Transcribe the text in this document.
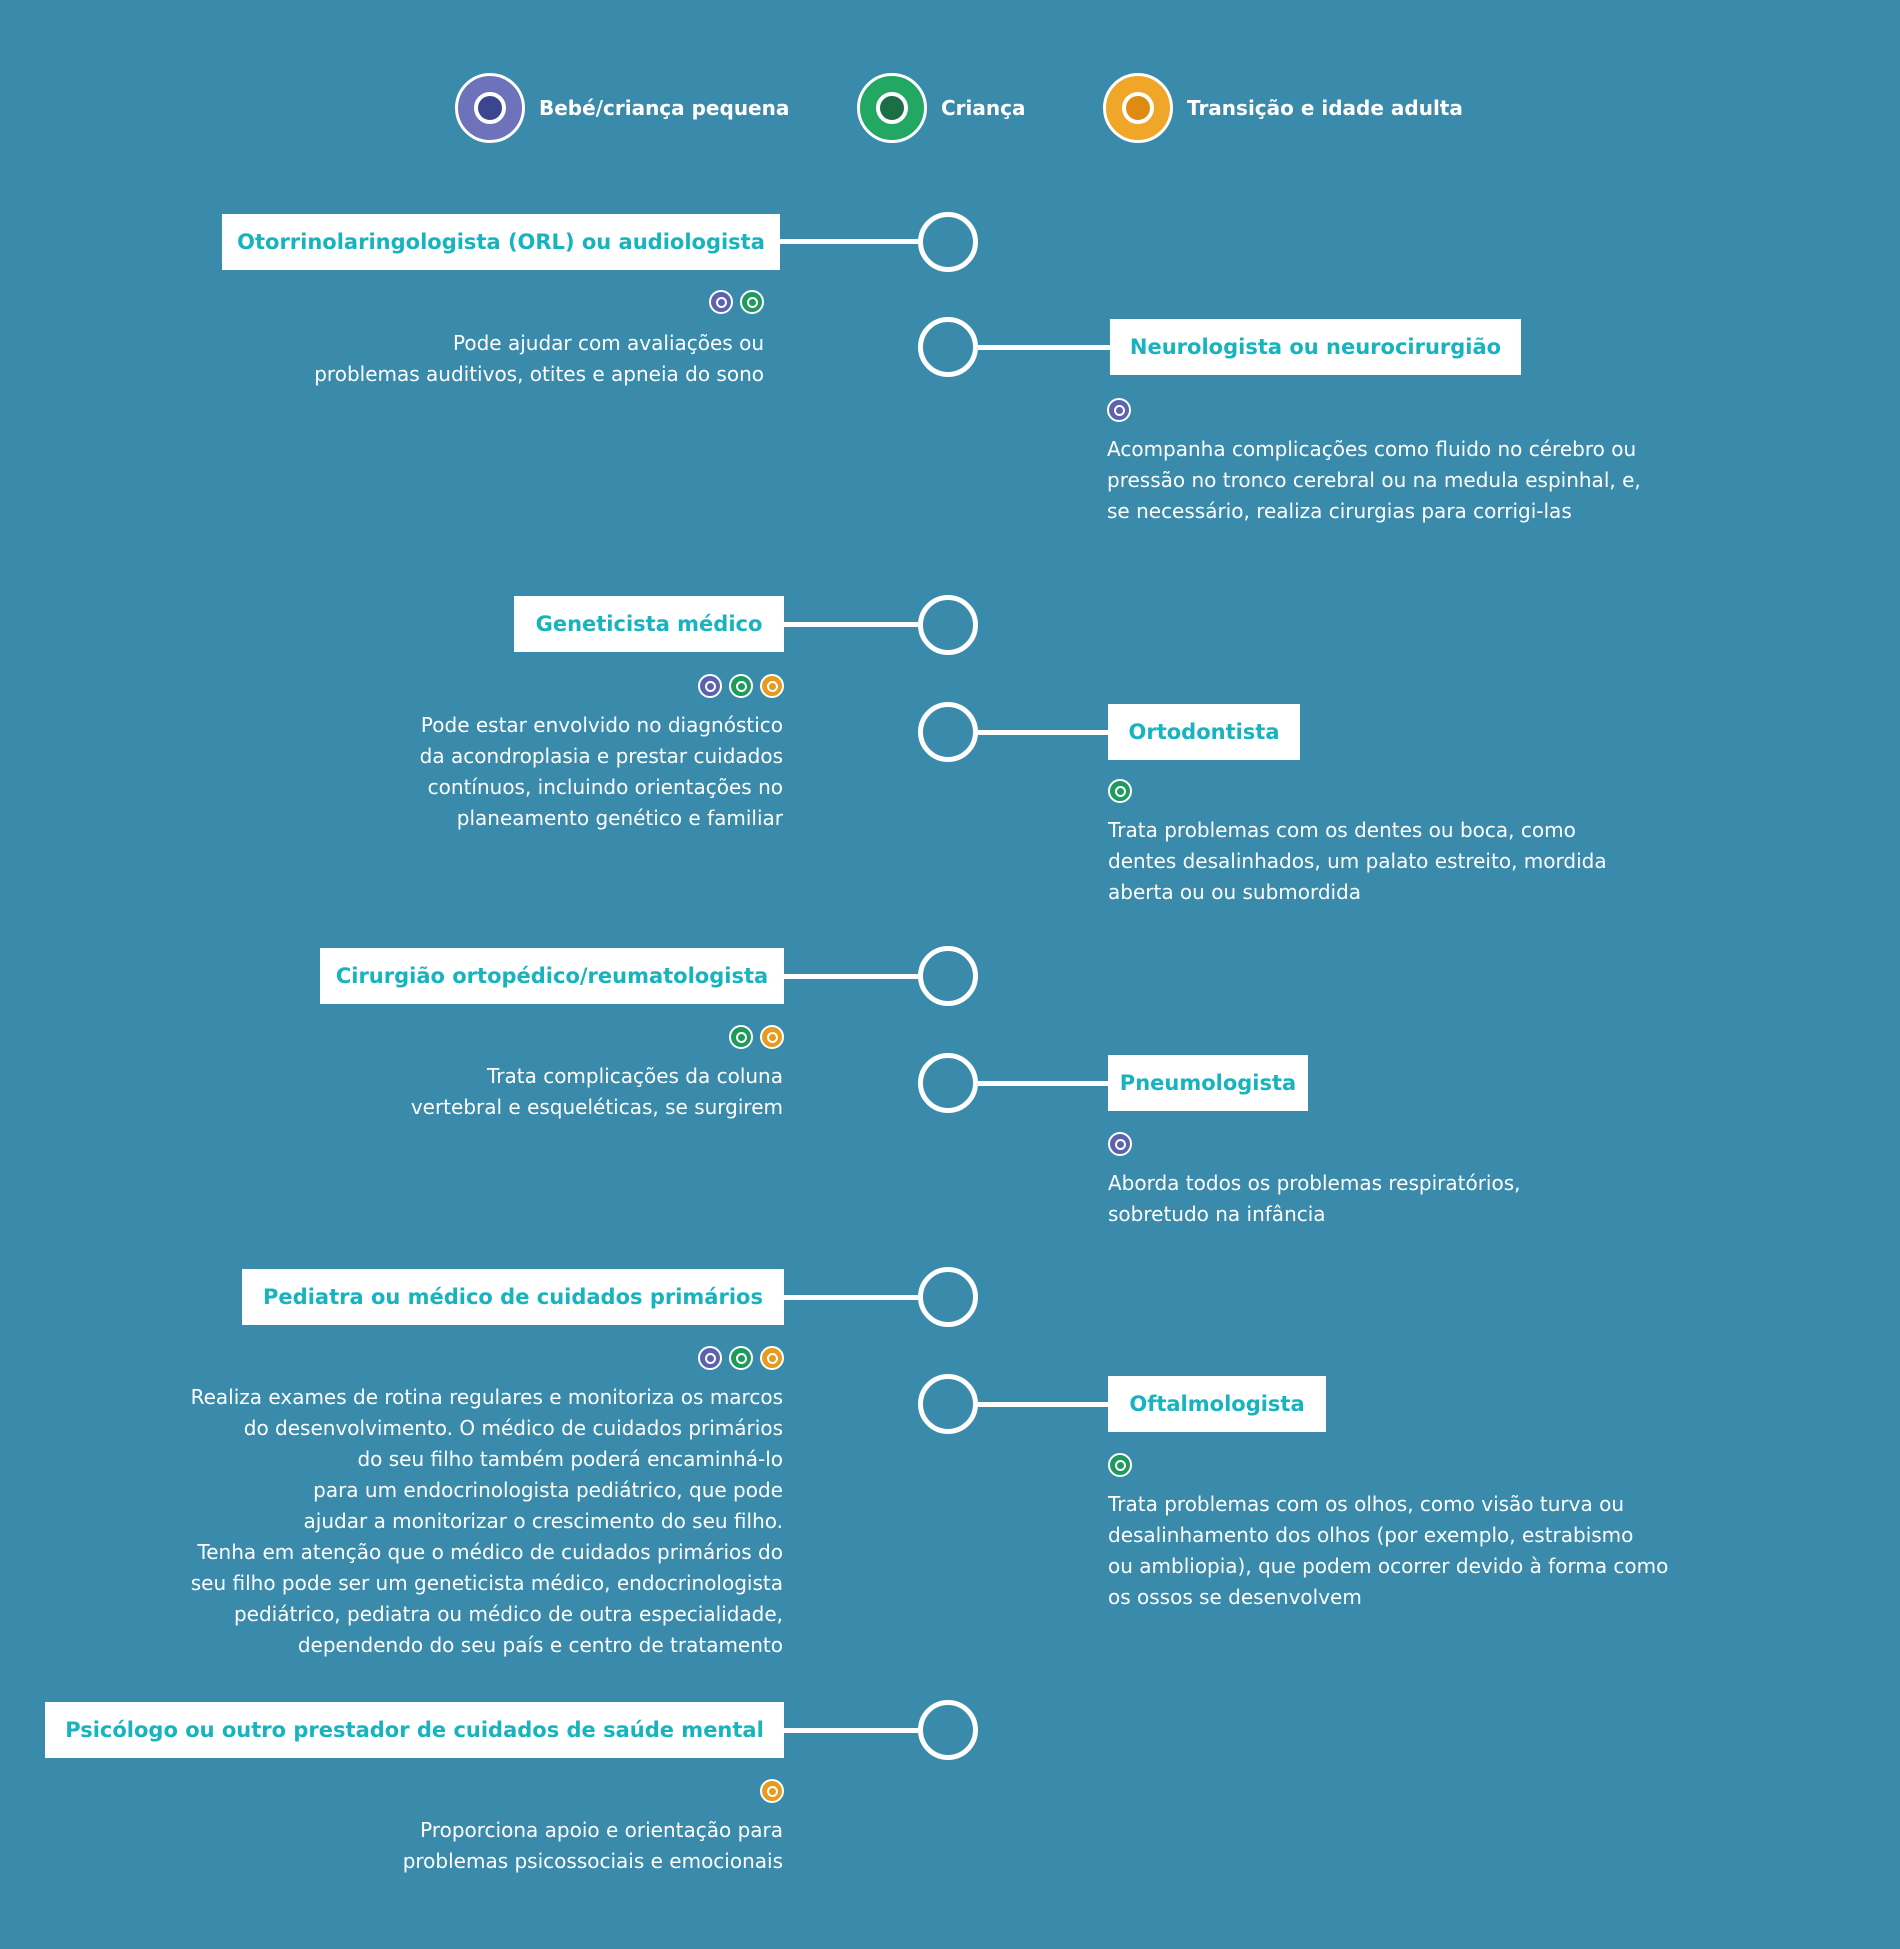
Bebé/criança pequena	Criança	Transição e idade adulta
Otorrinolaringologista (ORL) ou audiologista
Pode ajudar com avaliações ou
problemas auditivos, otites e apneia do sono
Neurologista ou neurocirurgião
Acompanha complicações como fluido no cérebro ou
pressão no tronco cerebral ou na medula espinhal, e,
se necessário, realiza cirurgias para corrigi-las
Geneticista médico
Pode estar envolvido no diagnóstico
da acondroplasia e prestar cuidados
contínuos, incluindo orientações no
planeamento genético e familiar
Ortodontista
Trata problemas com os dentes ou boca, como
dentes desalinhados, um palato estreito, mordida
aberta ou ou submordida
Cirurgião ortopédico/reumatologista
Trata complicações da coluna
vertebral e esqueléticas, se surgirem
Pneumologista
Aborda todos os problemas respiratórios,
sobretudo na infância
Pediatra ou médico de cuidados primários
Realiza exames de rotina regulares e monitoriza os marcos
do desenvolvimento. O médico de cuidados primários
do seu filho também poderá encaminhá-lo
para um endocrinologista pediátrico, que pode
ajudar a monitorizar o crescimento do seu filho.
Tenha em atenção que o médico de cuidados primários do
seu filho pode ser um geneticista médico, endocrinologista
pediátrico, pediatra ou médico de outra especialidade,
dependendo do seu país e centro de tratamento
Oftalmologista
Trata problemas com os olhos, como visão turva ou
desalinhamento dos olhos (por exemplo, estrabismo
ou ambliopia), que podem ocorrer devido à forma como
os ossos se desenvolvem
Psicólogo ou outro prestador de cuidados de saúde mental
Proporciona apoio e orientação para
problemas psicossociais e emocionais
